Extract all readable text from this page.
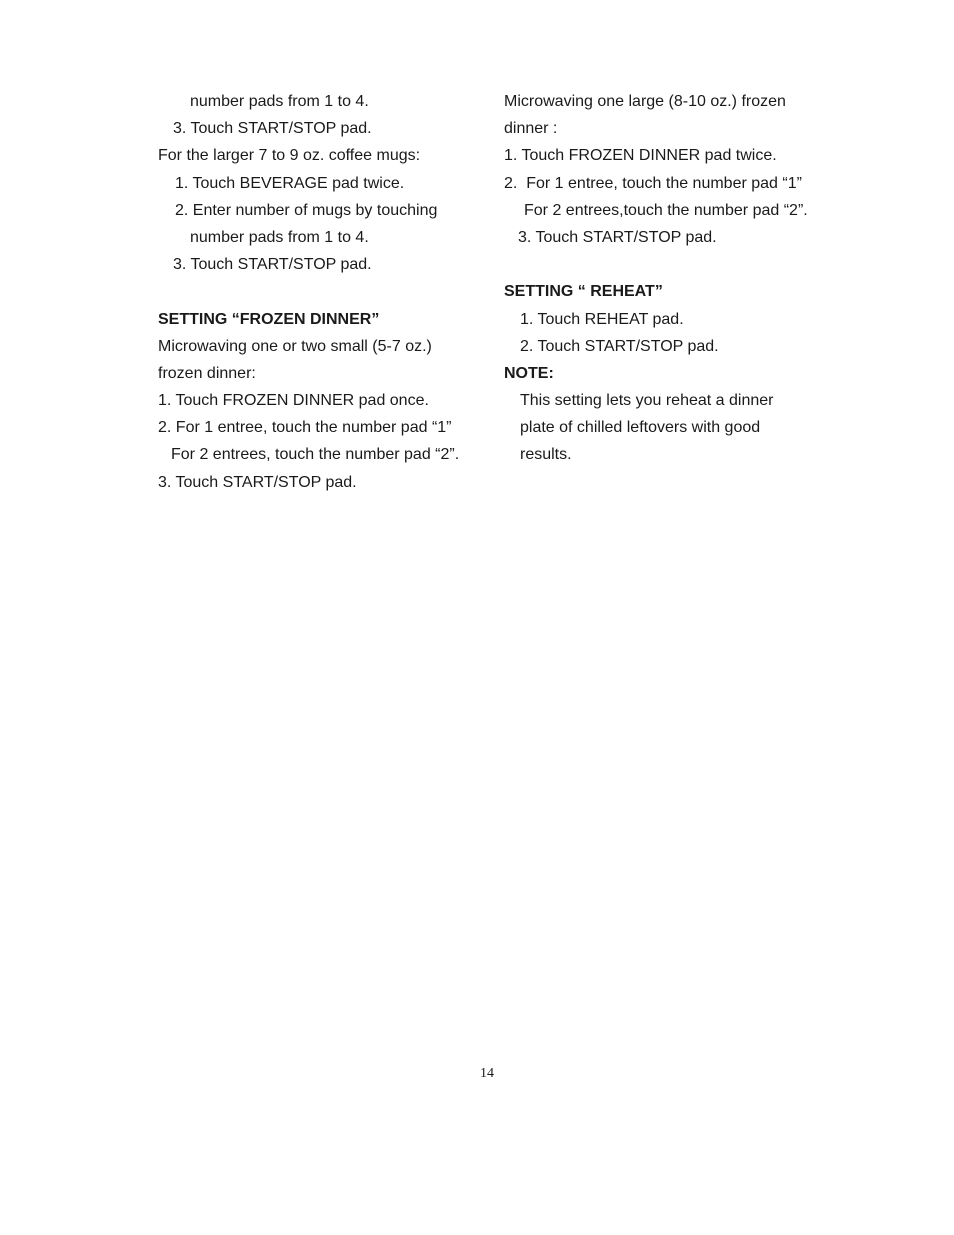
number pads from 1 to 4.
3. Touch START/STOP pad.
For the larger 7 to 9 oz. coffee mugs:
1. Touch BEVERAGE pad twice.
2. Enter number of mugs by touching
number pads from 1 to 4.
3. Touch START/STOP pad.
SETTING “FROZEN DINNER”
Microwaving one or two small (5-7 oz.)
frozen dinner:
1. Touch FROZEN DINNER pad once.
2. For 1 entree, touch the number pad “1”
For 2 entrees, touch the number pad “2”.
3. Touch START/STOP pad.
Microwaving one large (8-10 oz.) frozen
dinner :
1. Touch FROZEN DINNER pad twice.
2.  For 1 entree, touch the number pad “1”
For 2 entrees,touch the number pad “2”.
3. Touch START/STOP pad.
SETTING “ REHEAT”
1. Touch REHEAT pad.
2. Touch START/STOP pad.
NOTE:
This setting lets you reheat a dinner
plate of chilled leftovers with good
results.
14
